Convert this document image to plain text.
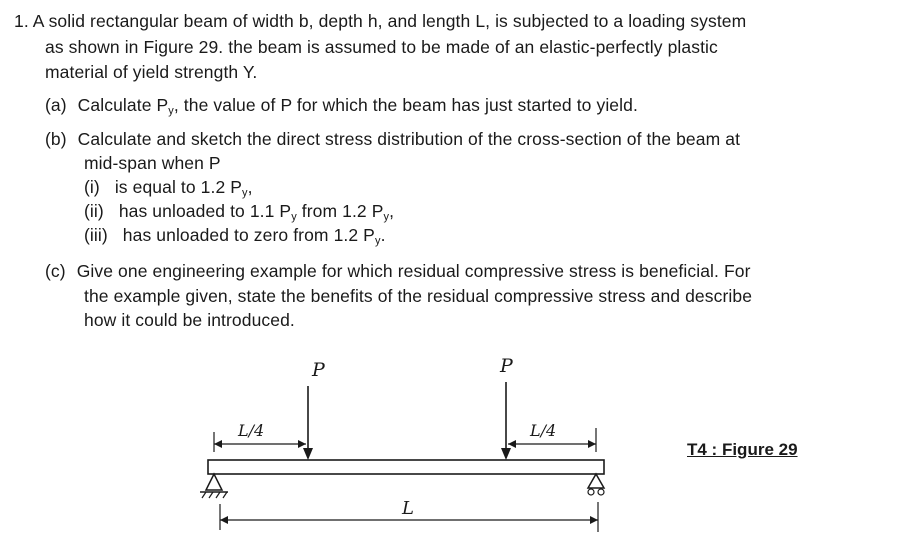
1. A solid rectangular beam of width b, depth h, and length L, is subjected to a loading system
as shown in Figure 29. the beam is assumed to be made of an elastic-perfectly plastic
material of yield strength Y.
(a) Calculate $P_y$, the value of P for which the beam has just started to yield.
(b) Calculate and sketch the direct stress distribution of the cross-section of the beam at
mid-span when P
(i) is equal to 1.2 $P_y$,
(ii) has unloaded to 1.1 $P_y$ from 1.2 $P_y$,
(iii) has unloaded to zero from 1.2 $P_y$.
(c) Give one engineering example for which residual compressive stress is beneficial. For
the example given, state the benefits of the residual compressive stress and describe
how it could be introduced.
P	P
L/4	L/4
L
T4 : Figure 29
